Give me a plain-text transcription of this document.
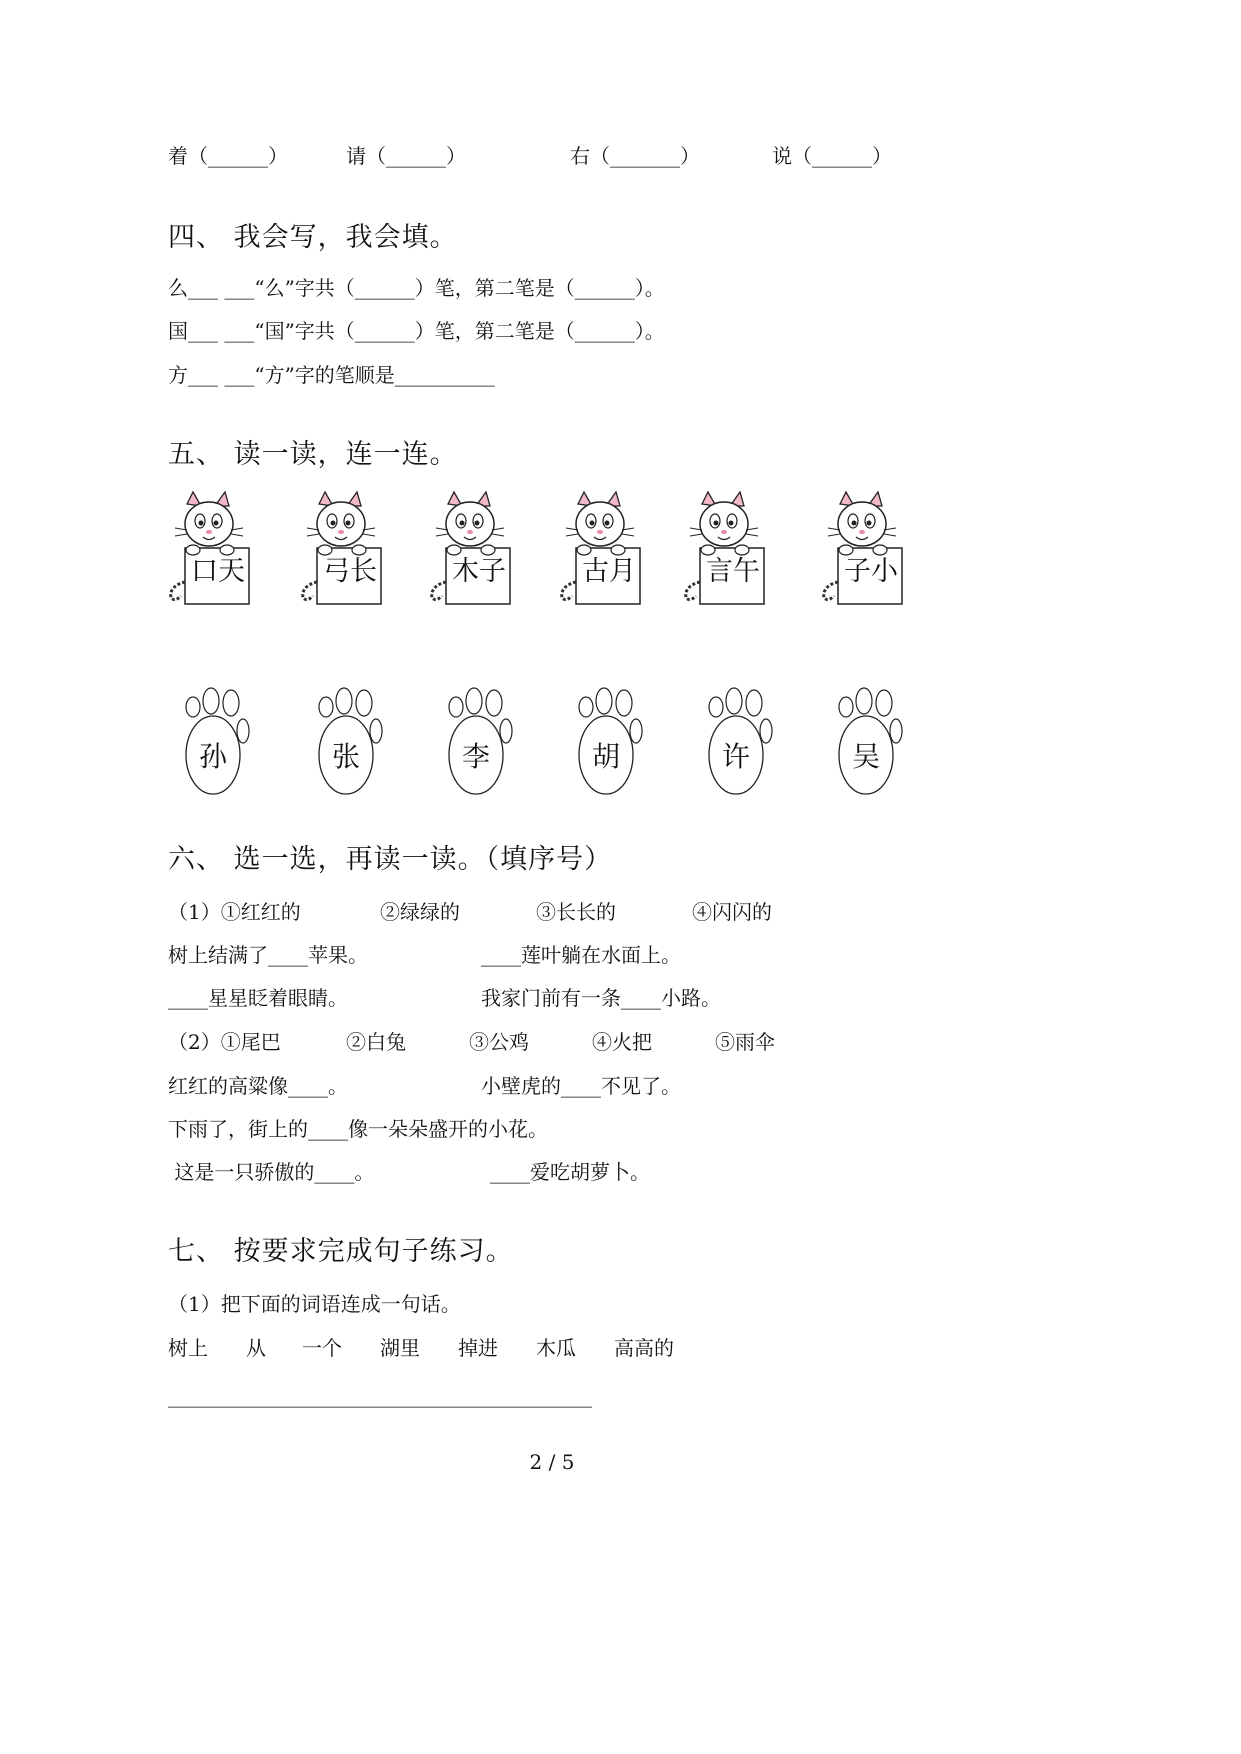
着（______）	请（______）	右（_______）	说（______）
四、 我会写，我会填。
么___ ___“么”字共（______）笔，第二笔是（______）。
国___ ___“国”字共（______）笔，第二笔是（______）。
方___ ___“方”字的笔顺是__________
五、 读一读，连一连。
口天	弓长	木子	古月	言午	子小
孙	张	李	胡	许	吴
六、 选一选，再读一读。（填序号）
（1）①红红的	②绿绿的	③长长的	④闪闪的
树上结满了____苹果。	____莲叶躺在水面上。
____星星眨着眼睛。	我家门前有一条____小路。
（2）①尾巴	②白兔	③公鸡	④火把	⑤雨伞
红红的高粱像____。	小壁虎的____不见了。
下雨了，街上的____像一朵朵盛开的小花。
这是一只骄傲的____。	____爱吃胡萝卜。
七、 按要求完成句子练习。
（1）把下面的词语连成一句话。
树上 从 一个 湖里 掉进 木瓜 高高的
_______________________________________________
2 / 5
